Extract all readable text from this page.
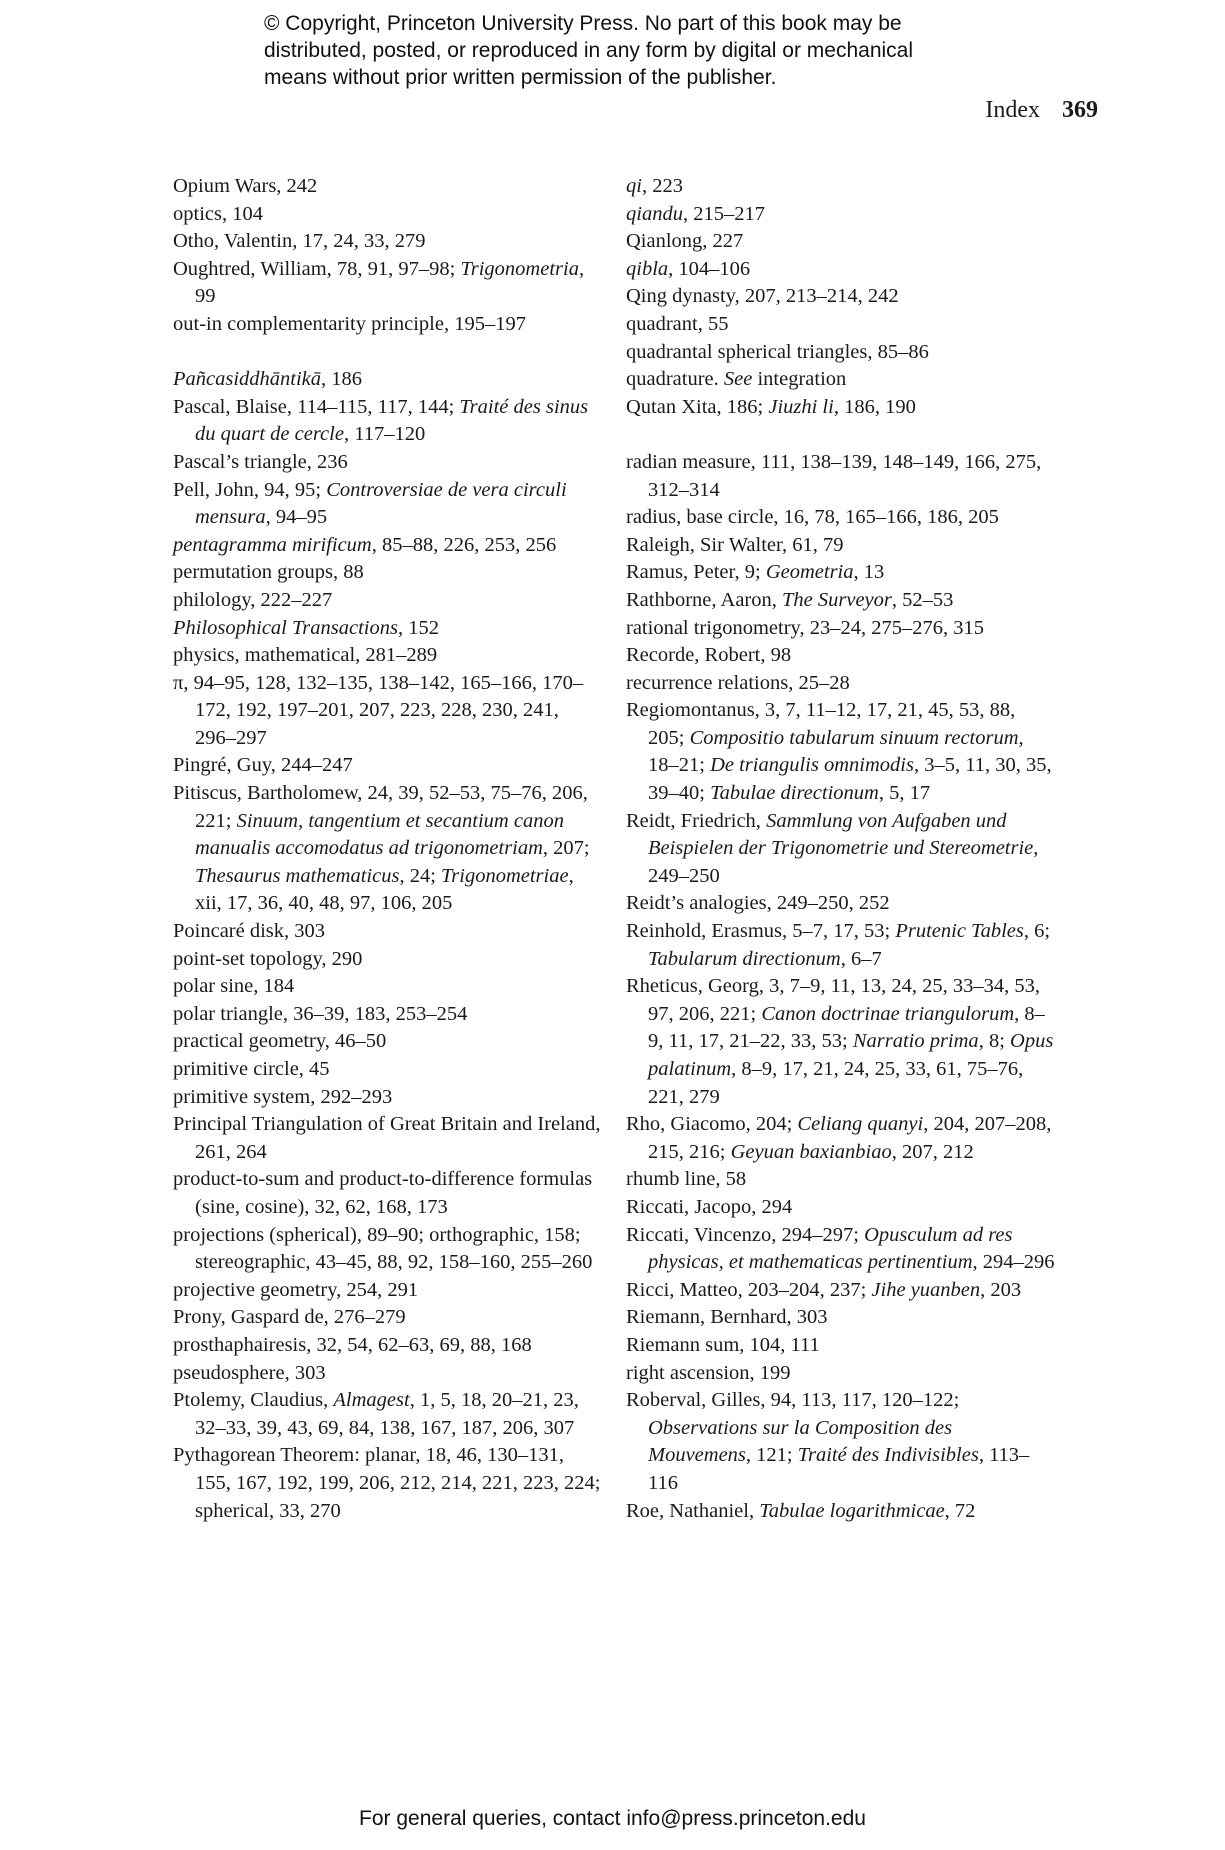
© Copyright, Princeton University Press. No part of this book may be
distributed, posted, or reproduced in any form by digital or mechanical
means without prior written permission of the publisher.
Index 369
Opium Wars, 242
optics, 104
Otho, Valentin, 17, 24, 33, 279
Oughtred, William, 78, 91, 97–98; Trigonometria, 99
out-in complementarity principle, 195–197
Pañcasiddhāntikā, 186
Pascal, Blaise, 114–115, 117, 144; Traité des sinus du quart de cercle, 117–120
Pascal’s triangle, 236
Pell, John, 94, 95; Controversiae de vera circuli mensura, 94–95
pentagramma mirificum, 85–88, 226, 253, 256
permutation groups, 88
philology, 222–227
Philosophical Transactions, 152
physics, mathematical, 281–289
π, 94–95, 128, 132–135, 138–142, 165–166, 170–172, 192, 197–201, 207, 223, 228, 230, 241, 296–297
Pingré, Guy, 244–247
Pitiscus, Bartholomew, 24, 39, 52–53, 75–76, 206, 221; Sinuum, tangentium et secantium canon manualis accomodatus ad trigonometriam, 207; Thesaurus mathematicus, 24; Trigonometriae, xii, 17, 36, 40, 48, 97, 106, 205
Poincaré disk, 303
point-set topology, 290
polar sine, 184
polar triangle, 36–39, 183, 253–254
practical geometry, 46–50
primitive circle, 45
primitive system, 292–293
Principal Triangulation of Great Britain and Ireland, 261, 264
product-to-sum and product-to-difference formulas (sine, cosine), 32, 62, 168, 173
projections (spherical), 89–90; orthographic, 158; stereographic, 43–45, 88, 92, 158–160, 255–260
projective geometry, 254, 291
Prony, Gaspard de, 276–279
prosthaphairesis, 32, 54, 62–63, 69, 88, 168
pseudosphere, 303
Ptolemy, Claudius, Almagest, 1, 5, 18, 20–21, 23, 32–33, 39, 43, 69, 84, 138, 167, 187, 206, 307
Pythagorean Theorem: planar, 18, 46, 130–131, 155, 167, 192, 199, 206, 212, 214, 221, 223, 224; spherical, 33, 270
qi, 223
qiandu, 215–217
Qianlong, 227
qibla, 104–106
Qing dynasty, 207, 213–214, 242
quadrant, 55
quadrantal spherical triangles, 85–86
quadrature. See integration
Qutan Xita, 186; Jiuzhi li, 186, 190
radian measure, 111, 138–139, 148–149, 166, 275, 312–314
radius, base circle, 16, 78, 165–166, 186, 205
Raleigh, Sir Walter, 61, 79
Ramus, Peter, 9; Geometria, 13
Rathborne, Aaron, The Surveyor, 52–53
rational trigonometry, 23–24, 275–276, 315
Recorde, Robert, 98
recurrence relations, 25–28
Regiomontanus, 3, 7, 11–12, 17, 21, 45, 53, 88, 205; Compositio tabularum sinuum rectorum, 18–21; De triangulis omnimodis, 3–5, 11, 30, 35, 39–40; Tabulae directionum, 5, 17
Reidt, Friedrich, Sammlung von Aufgaben und Beispielen der Trigonometrie und Stereometrie, 249–250
Reidt’s analogies, 249–250, 252
Reinhold, Erasmus, 5–7, 17, 53; Prutenic Tables, 6; Tabularum directionum, 6–7
Rheticus, Georg, 3, 7–9, 11, 13, 24, 25, 33–34, 53, 97, 206, 221; Canon doctrinae triangulorum, 8–9, 11, 17, 21–22, 33, 53; Narratio prima, 8; Opus palatinum, 8–9, 17, 21, 24, 25, 33, 61, 75–76, 221, 279
Rho, Giacomo, 204; Celiang quanyi, 204, 207–208, 215, 216; Geyuan baxianbiao, 207, 212
rhumb line, 58
Riccati, Jacopo, 294
Riccati, Vincenzo, 294–297; Opusculum ad res physicas, et mathematicas pertinentium, 294–296
Ricci, Matteo, 203–204, 237; Jihe yuanben, 203
Riemann, Bernhard, 303
Riemann sum, 104, 111
right ascension, 199
Roberval, Gilles, 94, 113, 117, 120–122; Observations sur la Composition des Mouvemens, 121; Traité des Indivisibles, 113–116
Roe, Nathaniel, Tabulae logarithmicae, 72
For general queries, contact info@press.princeton.edu
